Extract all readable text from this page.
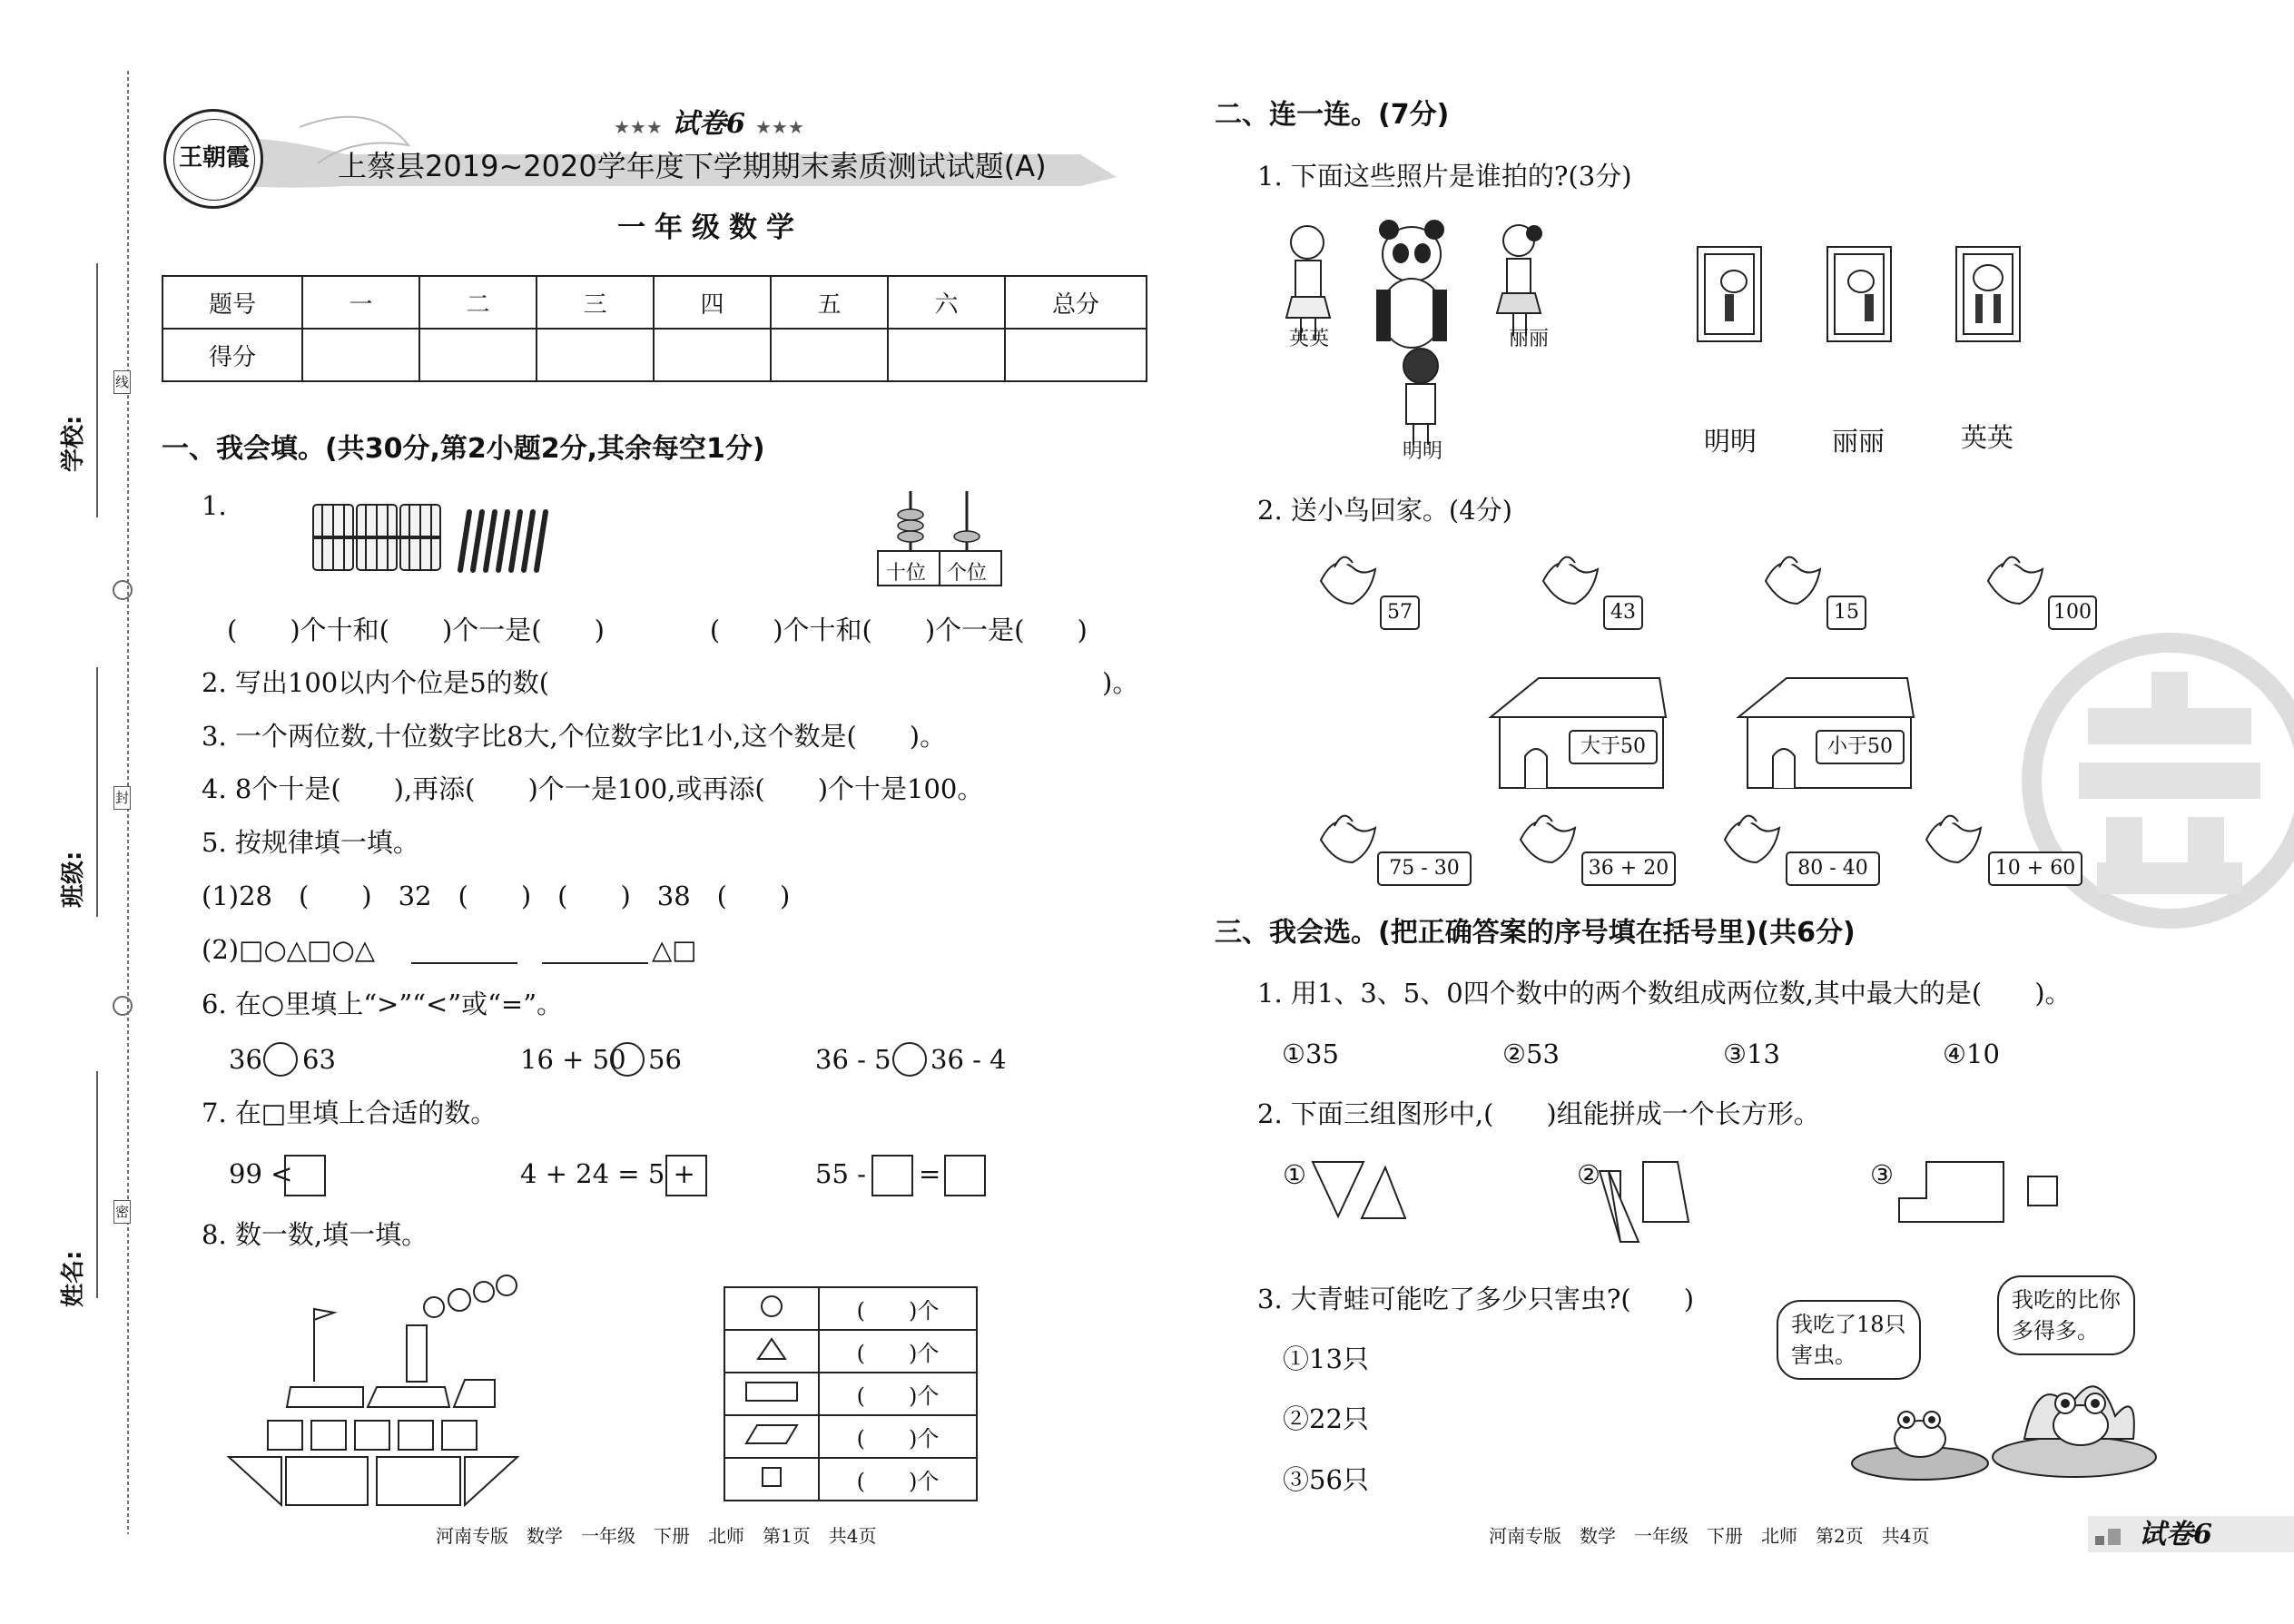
学校:
班级:
姓名:
线
封
密
王朝霞
试卷6
★★★	★★★
上蔡县2019~2020学年度下学期期末素质测试试题(A)
一年级数学
题号	一	二	三	四	五	六	总分
得分							
一、我会填。(共30分,第2小题2分,其余每空1分)
1.
十位 个位
(　　)个十和(　　)个一是(　　)　　　　(　　)个十和(　　)个一是(　　)
2. 写出100以内个位是5的数(　　　　　　　　　　　　　　　　　　　　　)。
3. 一个两位数,十位数字比8大,个位数字比1小,这个数是(　　)。
4. 8个十是(　　),再添(　　)个一是100,或再添(　　)个十是100。
5. 按规律填一填。
(1)28　(　　)　32　(　　)　(　　)　38　(　　)
(2)□○△□○△	△□
6. 在○里填上“>”“<”或“=”。
36 63	16 + 50 56	36 - 5 36 - 4
7. 在□里填上合适的数。
99 <	4 + 24 = 5 +	55 - =
8. 数一数,填一填。
	(　　)个
	(　　)个
	(　　)个
	(　　)个
	(　　)个
河南专版　数学　一年级　下册　北师　第1页　共4页
二、连一连。(7分)
1. 下面这些照片是谁拍的?(3分)
英英	丽丽
明明	明明	丽丽	英英
2. 送小鸟回家。(4分)
57	43	15	100
大于50	小于50
75 - 30	36 + 20	80 - 40	10 + 60
三、我会选。(把正确答案的序号填在括号里)(共6分)
1. 用1、3、5、0四个数中的两个数组成两位数,其中最大的是(　　)。
①35	②53	③13	④10
2. 下面三组图形中,(　　)组能拼成一个长方形。
①	②	③
3. 大青蛙可能吃了多少只害虫?(　　)
①13只
②22只
③56只
我吃了18只
害虫。
我吃的比你
多得多。
河南专版　数学　一年级　下册　北师　第2页　共4页	试卷6
